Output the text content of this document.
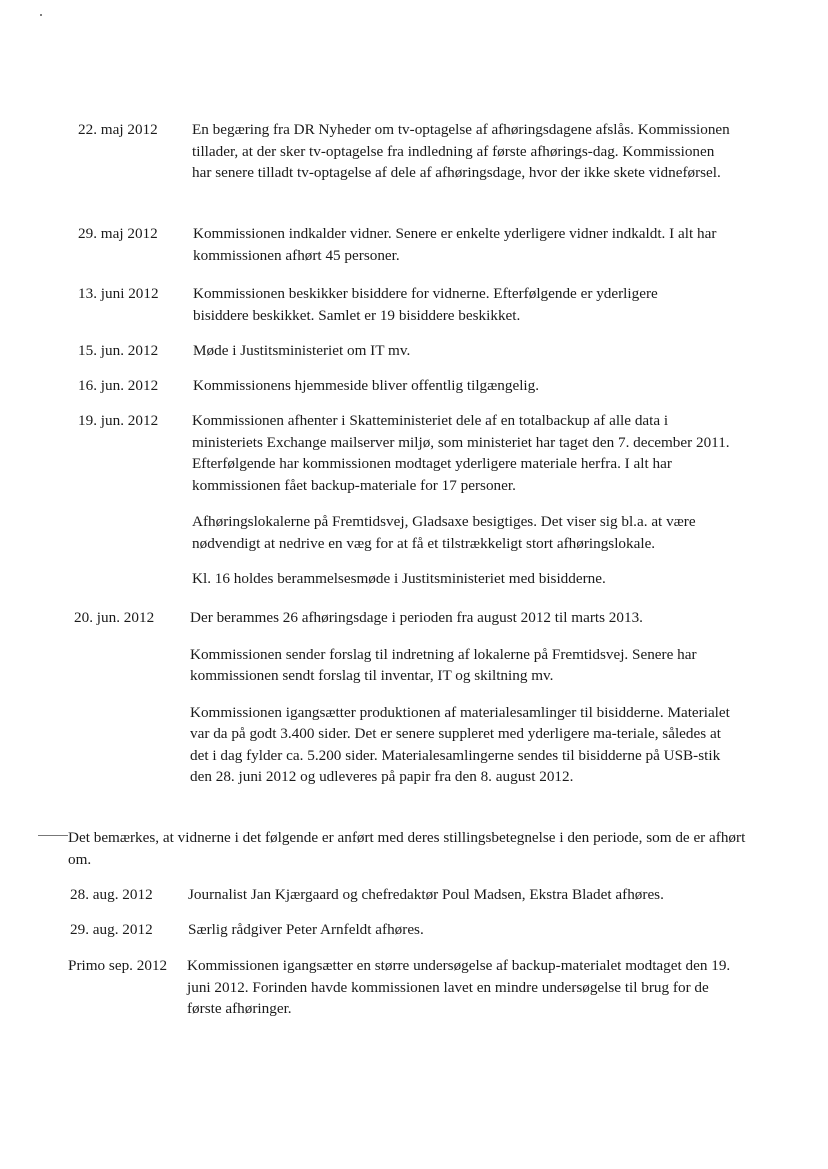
22. maj 2012 En begæring fra DR Nyheder om tv-optagelse af afhøringsdagene afslås. Kommissionen tillader, at der sker tv-optagelse fra indledning af første afhørings-dag. Kommissionen har senere tilladt tv-optagelse af dele af afhøringsdage, hvor der ikke skete vidneførsel.

29. maj 2012 Kommissionen indkalder vidner. Senere er enkelte yderligere vidner indkaldt. I alt har kommissionen afhørt 45 personer.

13. juni 2012 Kommissionen beskikker bisiddere for vidnerne. Efterfølgende er yderligere bisiddere beskikket. Samlet er 19 bisiddere beskikket.

15. jun. 2012 Møde i Justitsministeriet om IT mv.

16. jun. 2012 Kommissionens hjemmeside bliver offentlig tilgængelig.

19. jun. 2012 Kommissionen afhenter i Skatteministeriet dele af en totalbackup af alle data i ministeriets Exchange mailserver miljø, som ministeriet har taget den 7. december 2011. Efterfølgende har kommissionen modtaget yderligere materiale herfra. I alt har kommissionen fået backup-materiale for 17 personer.

Afhøringslokalerne på Fremtidsvej, Gladsaxe besigtiges. Det viser sig bl.a. at være nødvendigt at nedrive en væg for at få et tilstrækkeligt stort afhøringslokale.

Kl. 16 holdes berammelsesmøde i Justitsministeriet med bisidderne.

20. jun. 2012 Der berammes 26 afhøringsdage i perioden fra august 2012 til marts 2013.

Kommissionen sender forslag til indretning af lokalerne på Fremtidsvej. Senere har kommissionen sendt forslag til inventar, IT og skiltning mv.

Kommissionen igangsætter produktionen af materialesamlinger til bisidderne. Materialet var da på godt 3.400 sider. Det er senere suppleret med yderligere ma-teriale, således at det i dag fylder ca. 5.200 sider. Materialesamlingerne sendes til bisidderne på USB-stik den 28. juni 2012 og udleveres på papir fra den 8. august 2012.

Det bemærkes, at vidnerne i det følgende er anført med deres stillingsbetegnelse i den periode, som de er afhørt om.
28. aug. 2012 Journalist Jan Kjærgaard og chefredaktør Poul Madsen, Ekstra Bladet afhøres.

29. aug. 2012 Særlig rådgiver Peter Arnfeldt afhøres.

Primo sep. 2012 Kommissionen igangsætter en større undersøgelse af backup-materialet modtaget den 19. juni 2012. Forinden havde kommissionen lavet en mindre undersøgelse til brug for de første afhøringer.
